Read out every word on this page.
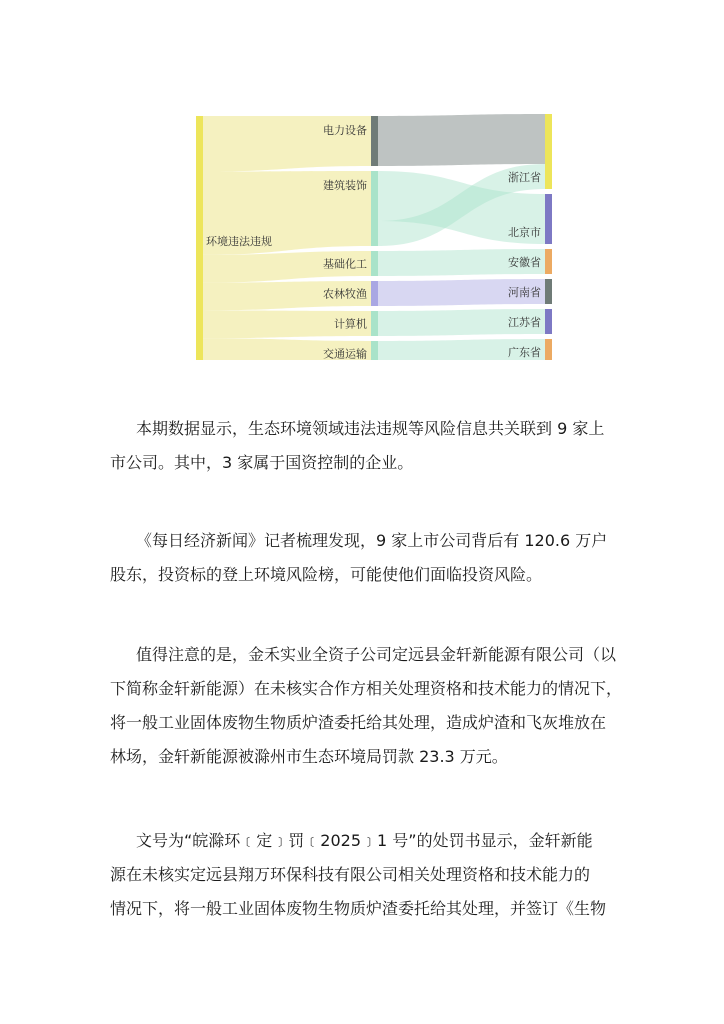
环境违法违规
电力设备
建筑装饰
基础化工
农林牧渔
计算机
交通运输
浙江省
北京市
安徽省
河南省
江苏省
广东省

本期数据显示，生态环境领域违法违规等风险信息共关联到 9 家上
市公司。其中，3 家属于国资控制的企业。

《每日经济新闻》记者梳理发现，9 家上市公司背后有 120.6 万户
股东，投资标的登上环境风险榜，可能使他们面临投资风险。

值得注意的是，金禾实业全资子公司定远县金轩新能源有限公司（以
下简称金轩新能源）在未核实合作方相关处理资格和技术能力的情况下，
将一般工业固体废物生物质炉渣委托给其处理，造成炉渣和飞灰堆放在
林场，金轩新能源被滁州市生态环境局罚款 23.3 万元。

文号为“皖滁环﹝定﹞罚﹝2025﹞1 号”的处罚书显示，金轩新能
源在未核实定远县翔万环保科技有限公司相关处理资格和技术能力的
情况下，将一般工业固体废物生物质炉渣委托给其处理，并签订《生物
